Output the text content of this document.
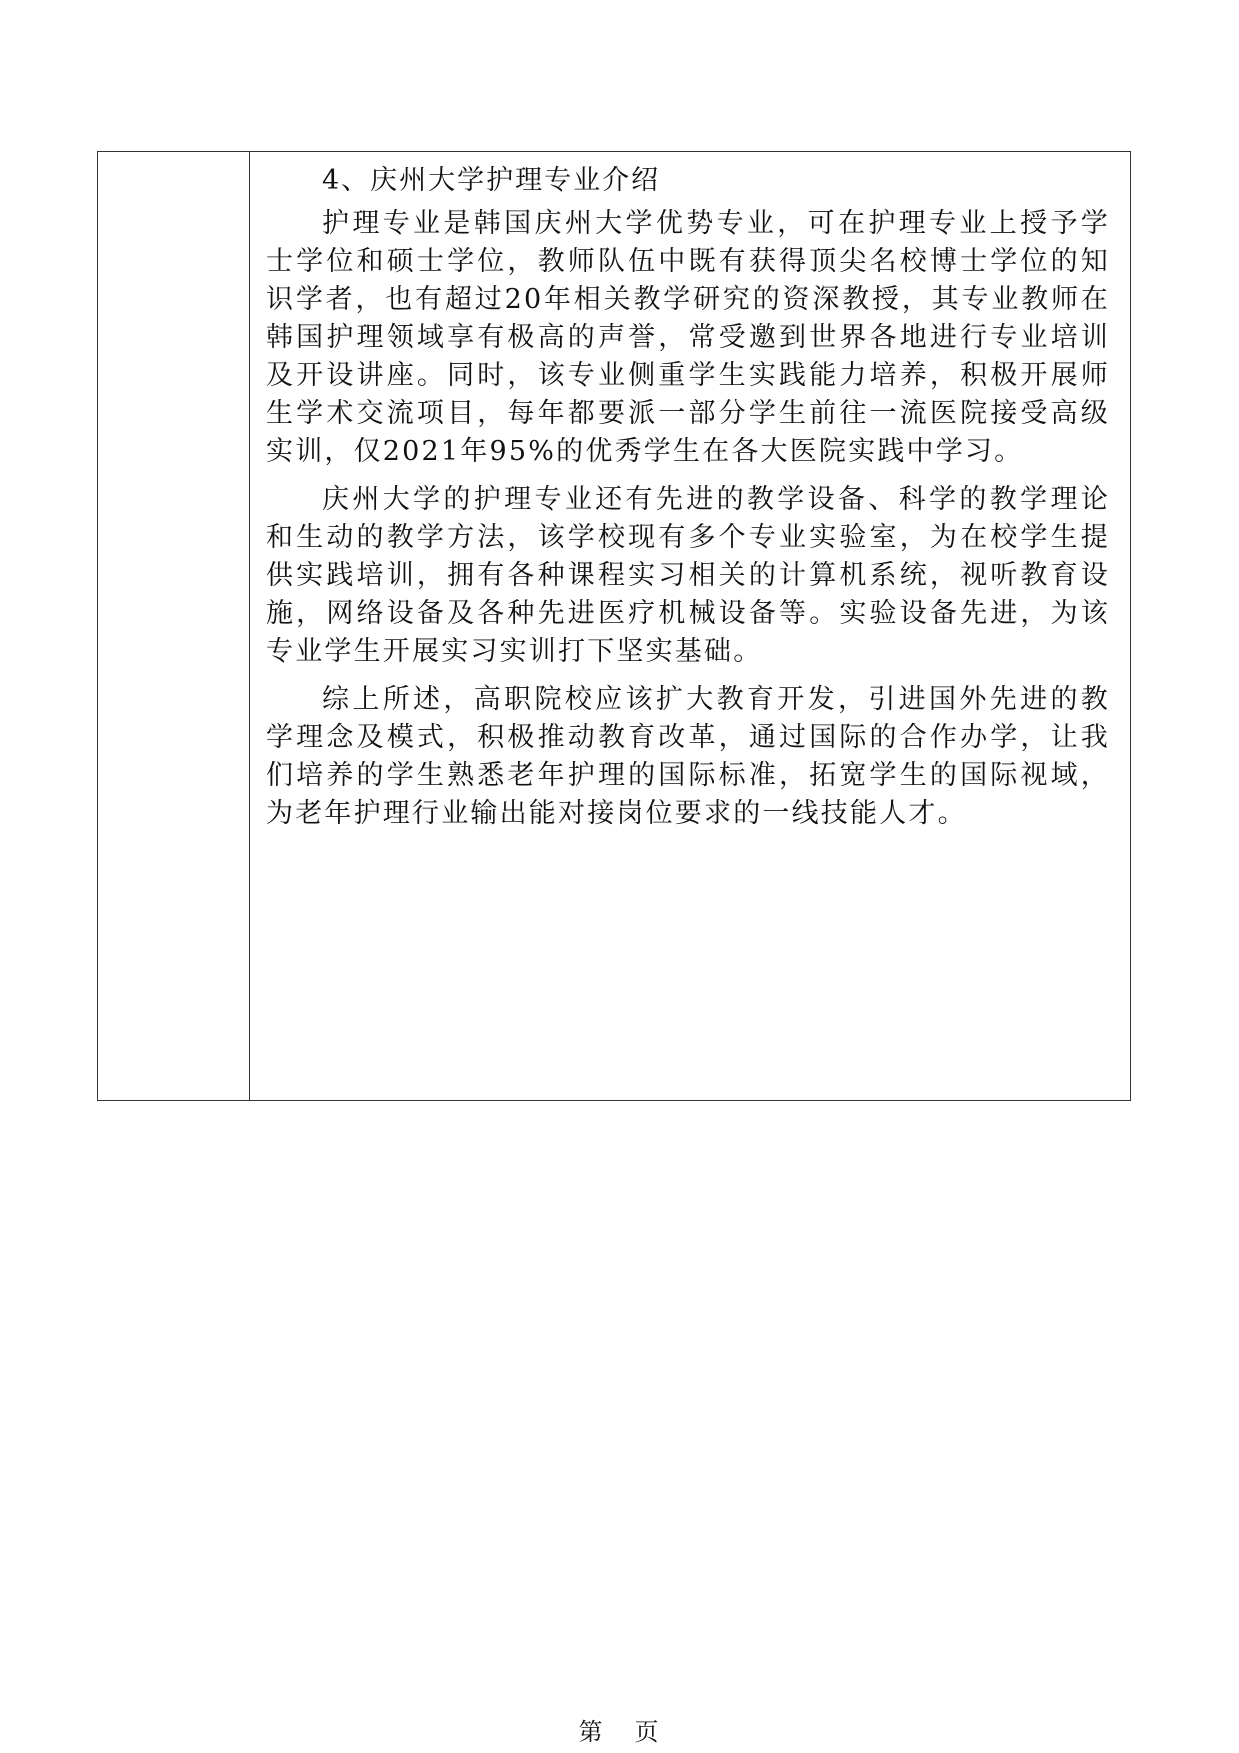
4、庆州大学护理专业介绍

护理专业是韩国庆州大学优势专业，可在护理专业上授予学士学位和硕士学位，教师队伍中既有获得顶尖名校博士学位的知识学者，也有超过20年相关教学研究的资深教授，其专业教师在韩国护理领域享有极高的声誉，常受邀到世界各地进行专业培训及开设讲座。同时，该专业侧重学生实践能力培养，积极开展师生学术交流项目，每年都要派一部分学生前往一流医院接受高级实训，仅2021年95%的优秀学生在各大医院实践中学习。

庆州大学的护理专业还有先进的教学设备、科学的教学理论和生动的教学方法，该学校现有多个专业实验室，为在校学生提供实践培训，拥有各种课程实习相关的计算机系统，视听教育设施，网络设备及各种先进医疗机械设备等。实验设备先进，为该专业学生开展实习实训打下坚实基础。

综上所述，高职院校应该扩大教育开发，引进国外先进的教学理念及模式，积极推动教育改革，通过国际的合作办学，让我们培养的学生熟悉老年护理的国际标准，拓宽学生的国际视域，为老年护理行业输出能对接岗位要求的一线技能人才。

第 页
